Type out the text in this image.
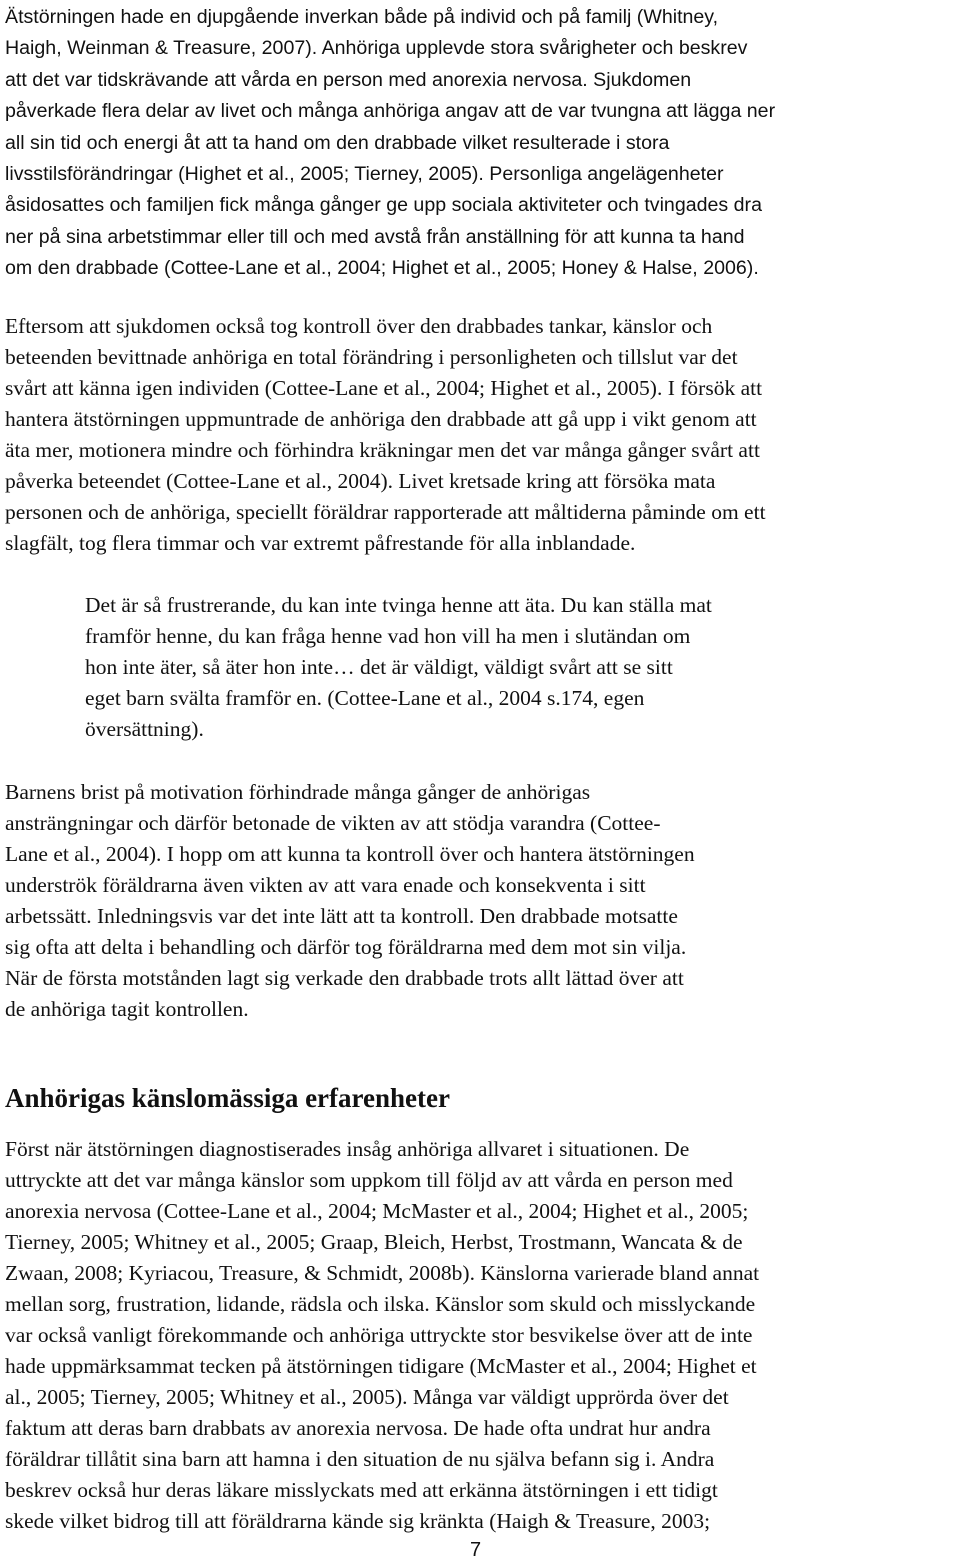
Ätstörningen hade en djupgående inverkan både på individ och på familj (Whitney,
Haigh, Weinman & Treasure, 2007). Anhöriga upplevde stora svårigheter och beskrev
att det var tidskrävande att vårda en person med anorexia nervosa. Sjukdomen
påverkade flera delar av livet och många anhöriga angav att de var tvungna att lägga ner
all sin tid och energi åt att ta hand om den drabbade vilket resulterade i stora
livsstilsförändringar (Highet et al., 2005; Tierney, 2005). Personliga angelägenheter
åsidosattes och familjen fick många gånger ge upp sociala aktiviteter och tvingades dra
ner på sina arbetstimmar eller till och med avstå från anställning för att kunna ta hand
om den drabbade (Cottee-Lane et al., 2004; Highet et al., 2005; Honey & Halse, 2006).

Eftersom att sjukdomen också tog kontroll över den drabbades tankar, känslor och
beteenden bevittnade anhöriga en total förändring i personligheten och tillslut var det
svårt att känna igen individen (Cottee-Lane et al., 2004; Highet et al., 2005). I försök att
hantera ätstörningen uppmuntrade de anhöriga den drabbade att gå upp i vikt genom att
äta mer, motionera mindre och förhindra kräkningar men det var många gånger svårt att
påverka beteendet (Cottee-Lane et al., 2004). Livet kretsade kring att försöka mata
personen och de anhöriga, speciellt föräldrar rapporterade att måltiderna påminde om ett
slagfält, tog flera timmar och var extremt påfrestande för alla inblandade.

Det är så frustrerande, du kan inte tvinga henne att äta. Du kan ställa mat
framför henne, du kan fråga henne vad hon vill ha men i slutändan om
hon inte äter, så äter hon inte… det är väldigt, väldigt svårt att se sitt
eget barn svälta framför en. (Cottee-Lane et al., 2004 s.174, egen
översättning).

Barnens brist på motivation förhindrade många gånger de anhörigas
ansträngningar och därför betonade de vikten av att stödja varandra (Cottee-
Lane et al., 2004). I hopp om att kunna ta kontroll över och hantera ätstörningen
underströk föräldrarna även vikten av att vara enade och konsekventa i sitt
arbetssätt. Inledningsvis var det inte lätt att ta kontroll. Den drabbade motsatte
sig ofta att delta i behandling och därför tog föräldrarna med dem mot sin vilja.
När de första motstånden lagt sig verkade den drabbade trots allt lättad över att
de anhöriga tagit kontrollen.

Anhörigas känslomässiga erfarenheter

Först när ätstörningen diagnostiserades insåg anhöriga allvaret i situationen. De
uttryckte att det var många känslor som uppkom till följd av att vårda en person med
anorexia nervosa (Cottee-Lane et al., 2004; McMaster et al., 2004; Highet et al., 2005;
Tierney, 2005; Whitney et al., 2005; Graap, Bleich, Herbst, Trostmann, Wancata & de
Zwaan, 2008; Kyriacou, Treasure, & Schmidt, 2008b). Känslorna varierade bland annat
mellan sorg, frustration, lidande, rädsla och ilska. Känslor som skuld och misslyckande
var också vanligt förekommande och anhöriga uttryckte stor besvikelse över att de inte
hade uppmärksammat tecken på ätstörningen tidigare (McMaster et al., 2004; Highet et
al., 2005; Tierney, 2005; Whitney et al., 2005). Många var väldigt upprörda över det
faktum att deras barn drabbats av anorexia nervosa. De hade ofta undrat hur andra
föräldrar tillåtit sina barn att hamna i den situation de nu själva befann sig i. Andra
beskrev också hur deras läkare misslyckats med att erkänna ätstörningen i ett tidigt
skede vilket bidrog till att föräldrarna kände sig kränkta (Haigh & Treasure, 2003;

7
